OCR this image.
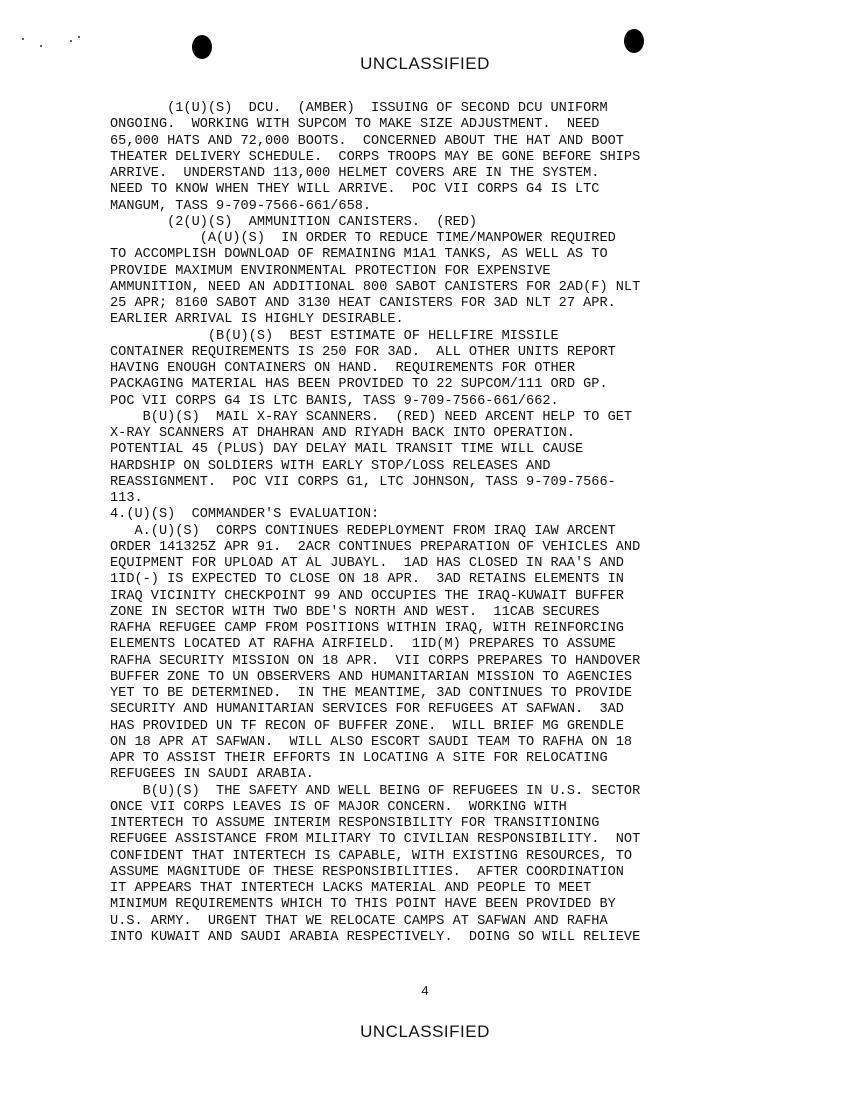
UNCLASSIFIED
(1(U)(S)  DCU.  (AMBER)  ISSUING OF SECOND DCU UNIFORM
ONGOING.  WORKING WITH SUPCOM TO MAKE SIZE ADJUSTMENT.  NEED
65,000 HATS AND 72,000 BOOTS.  CONCERNED ABOUT THE HAT AND BOOT
THEATER DELIVERY SCHEDULE.  CORPS TROOPS MAY BE GONE BEFORE SHIPS
ARRIVE.  UNDERSTAND 113,000 HELMET COVERS ARE IN THE SYSTEM.
NEED TO KNOW WHEN THEY WILL ARRIVE.  POC VII CORPS G4 IS LTC
MANGUM, TASS 9-709-7566-661/658.
(2(U)(S)  AMMUNITION CANISTERS.  (RED)
(A(U)(S)  IN ORDER TO REDUCE TIME/MANPOWER REQUIRED
TO ACCOMPLISH DOWNLOAD OF REMAINING M1A1 TANKS, AS WELL AS TO
PROVIDE MAXIMUM ENVIRONMENTAL PROTECTION FOR EXPENSIVE
AMMUNITION, NEED AN ADDITIONAL 800 SABOT CANISTERS FOR 2AD(F) NLT
25 APR; 8160 SABOT AND 3130 HEAT CANISTERS FOR 3AD NLT 27 APR.
EARLIER ARRIVAL IS HIGHLY DESIRABLE.
(B(U)(S)  BEST ESTIMATE OF HELLFIRE MISSILE
CONTAINER REQUIREMENTS IS 250 FOR 3AD.  ALL OTHER UNITS REPORT
HAVING ENOUGH CONTAINERS ON HAND.  REQUIREMENTS FOR OTHER
PACKAGING MATERIAL HAS BEEN PROVIDED TO 22 SUPCOM/111 ORD GP.
POC VII CORPS G4 IS LTC BANIS, TASS 9-709-7566-661/662.
B(U)(S)  MAIL X-RAY SCANNERS.  (RED) NEED ARCENT HELP TO GET
X-RAY SCANNERS AT DHAHRAN AND RIYADH BACK INTO OPERATION.
POTENTIAL 45 (PLUS) DAY DELAY MAIL TRANSIT TIME WILL CAUSE
HARDSHIP ON SOLDIERS WITH EARLY STOP/LOSS RELEASES AND
REASSIGNMENT.  POC VII CORPS G1, LTC JOHNSON, TASS 9-709-7566-
113.
4.(U)(S)  COMMANDER'S EVALUATION:
A.(U)(S)  CORPS CONTINUES REDEPLOYMENT FROM IRAQ IAW ARCENT
ORDER 141325Z APR 91.  2ACR CONTINUES PREPARATION OF VEHICLES AND
EQUIPMENT FOR UPLOAD AT AL JUBAYL.  1AD HAS CLOSED IN RAA'S AND
1ID(-) IS EXPECTED TO CLOSE ON 18 APR.  3AD RETAINS ELEMENTS IN
IRAQ VICINITY CHECKPOINT 99 AND OCCUPIES THE IRAQ-KUWAIT BUFFER
ZONE IN SECTOR WITH TWO BDE'S NORTH AND WEST.  11CAB SECURES
RAFHA REFUGEE CAMP FROM POSITIONS WITHIN IRAQ, WITH REINFORCING
ELEMENTS LOCATED AT RAFHA AIRFIELD.  1ID(M) PREPARES TO ASSUME
RAFHA SECURITY MISSION ON 18 APR.  VII CORPS PREPARES TO HANDOVER
BUFFER ZONE TO UN OBSERVERS AND HUMANITARIAN MISSION TO AGENCIES
YET TO BE DETERMINED.  IN THE MEANTIME, 3AD CONTINUES TO PROVIDE
SECURITY AND HUMANITARIAN SERVICES FOR REFUGEES AT SAFWAN.  3AD
HAS PROVIDED UN TF RECON OF BUFFER ZONE.  WILL BRIEF MG GRENDLE
ON 18 APR AT SAFWAN.  WILL ALSO ESCORT SAUDI TEAM TO RAFHA ON 18
APR TO ASSIST THEIR EFFORTS IN LOCATING A SITE FOR RELOCATING
REFUGEES IN SAUDI ARABIA.
B(U)(S)  THE SAFETY AND WELL BEING OF REFUGEES IN U.S. SECTOR
ONCE VII CORPS LEAVES IS OF MAJOR CONCERN.  WORKING WITH
INTERTECH TO ASSUME INTERIM RESPONSIBILITY FOR TRANSITIONING
REFUGEE ASSISTANCE FROM MILITARY TO CIVILIAN RESPONSIBILITY.  NOT
CONFIDENT THAT INTERTECH IS CAPABLE, WITH EXISTING RESOURCES, TO
ASSUME MAGNITUDE OF THESE RESPONSIBILITIES.  AFTER COORDINATION
IT APPEARS THAT INTERTECH LACKS MATERIAL AND PEOPLE TO MEET
MINIMUM REQUIREMENTS WHICH TO THIS POINT HAVE BEEN PROVIDED BY
U.S. ARMY.  URGENT THAT WE RELOCATE CAMPS AT SAFWAN AND RAFHA
INTO KUWAIT AND SAUDI ARABIA RESPECTIVELY.  DOING SO WILL RELIEVE
4
UNCLASSIFIED
